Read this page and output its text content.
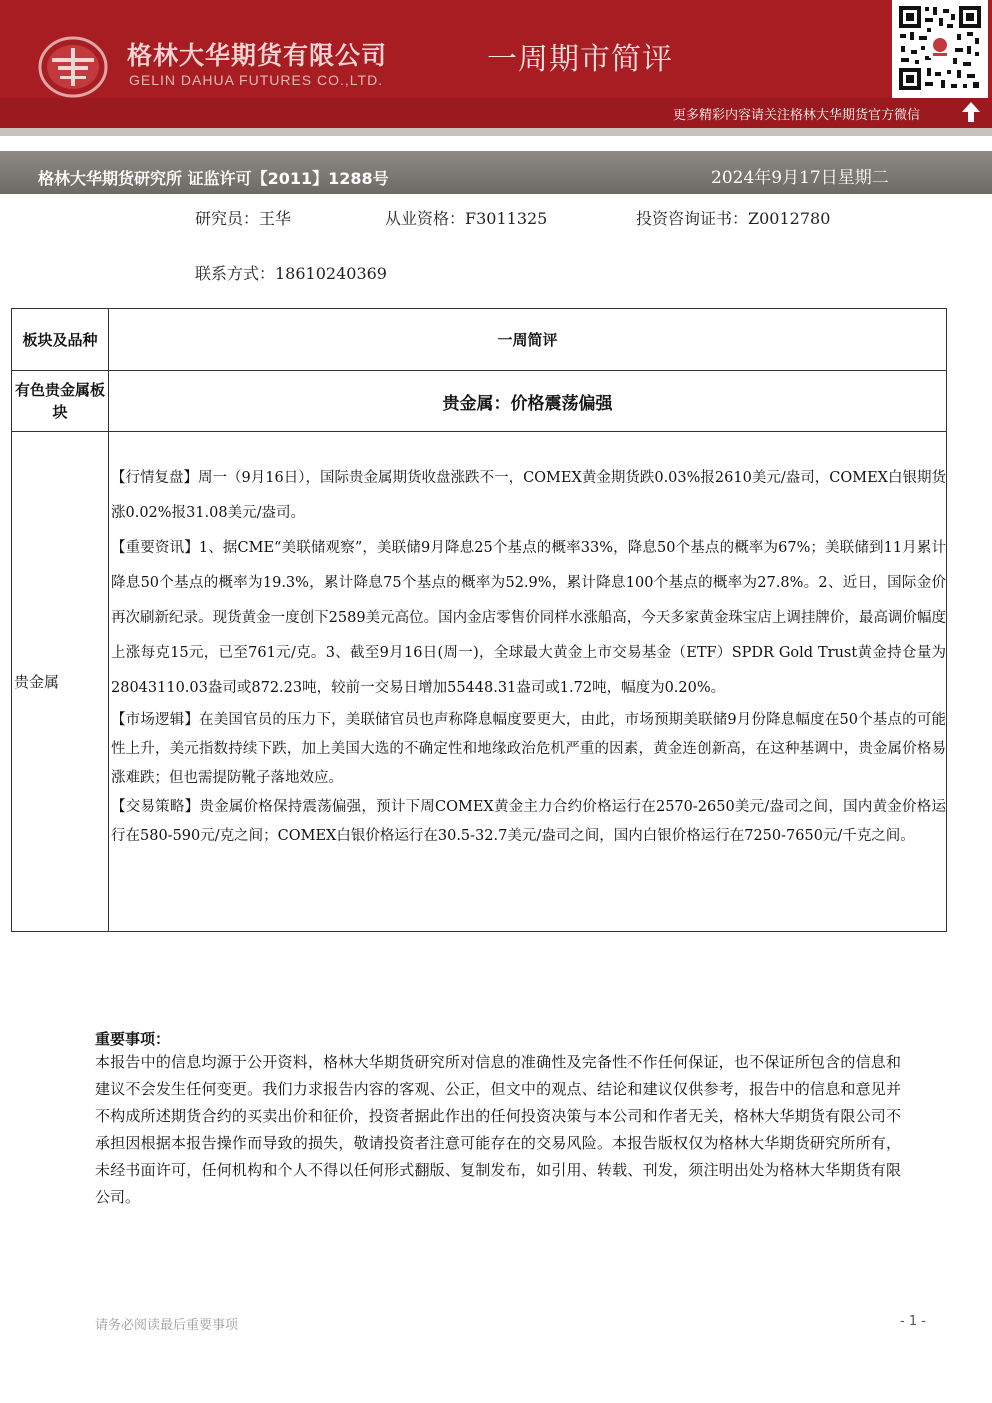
格林大华期货有限公司
GELIN DAHUA FUTURES CO.,LTD.
一周期市简评
更多精彩内容请关注格林大华期货官方微信
格林大华期货研究所 证监许可【2011】1288号	2024年9月17日星期二
研究员：王华	从业资格：F3011325	投资咨询证书：Z0012780
联系方式：18610240369
板块及品种	一周简评
有色贵金属板块	贵金属：价格震荡偏强
贵金属	【行情复盘】周一（9月16日），国际贵金属期货收盘涨跌不一，COMEX黄金期货跌0.03%报2610美元/盎司，COMEX白银期货涨0.02%报31.08美元/盎司。

【重要资讯】1、据CME“美联储观察”，美联储9月降息25个基点的概率33%，降息50个基点的概率为67%；美联储到11月累计降息50个基点的概率为19.3%，累计降息75个基点的概率为52.9%，累计降息100个基点的概率为27.8%。2、近日，国际金价再次刷新纪录。现货黄金一度创下2589美元高位。国内金店零售价同样水涨船高，今天多家黄金珠宝店上调挂牌价，最高调价幅度上涨每克15元，已至761元/克。3、截至9月16日(周一)，全球最大黄金上市交易基金（ETF）SPDR Gold Trust黄金持仓量为28043110.03盎司或872.23吨，较前一交易日增加55448.31盎司或1.72吨，幅度为0.20%。

【市场逻辑】在美国官员的压力下，美联储官员也声称降息幅度要更大，由此，市场预期美联储9月份降息幅度在50个基点的可能性上升，美元指数持续下跌，加上美国大选的不确定性和地缘政治危机严重的因素，黄金连创新高，在这种基调中，贵金属价格易涨难跌；但也需提防靴子落地效应。

【交易策略】贵金属价格保持震荡偏强，预计下周COMEX黄金主力合约价格运行在2570-2650美元/盎司之间，国内黄金价格运行在580-590元/克之间；COMEX白银价格运行在30.5-32.7美元/盎司之间，国内白银价格运行在7250-7650元/千克之间。

重要事项：
本报告中的信息均源于公开资料，格林大华期货研究所对信息的准确性及完备性不作任何保证，也不保证所包含的信息和建议不会发生任何变更。我们力求报告内容的客观、公正，但文中的观点、结论和建议仅供参考，报告中的信息和意见并不构成所述期货合约的买卖出价和征价，投资者据此作出的任何投资决策与本公司和作者无关，格林大华期货有限公司不承担因根据本报告操作而导致的损失，敬请投资者注意可能存在的交易风险。本报告版权仅为格林大华期货研究所所有，未经书面许可，任何机构和个人不得以任何形式翻版、复制发布，如引用、转载、刊发，须注明出处为格林大华期货有限公司。
请务必阅读最后重要事项	- 1 -
